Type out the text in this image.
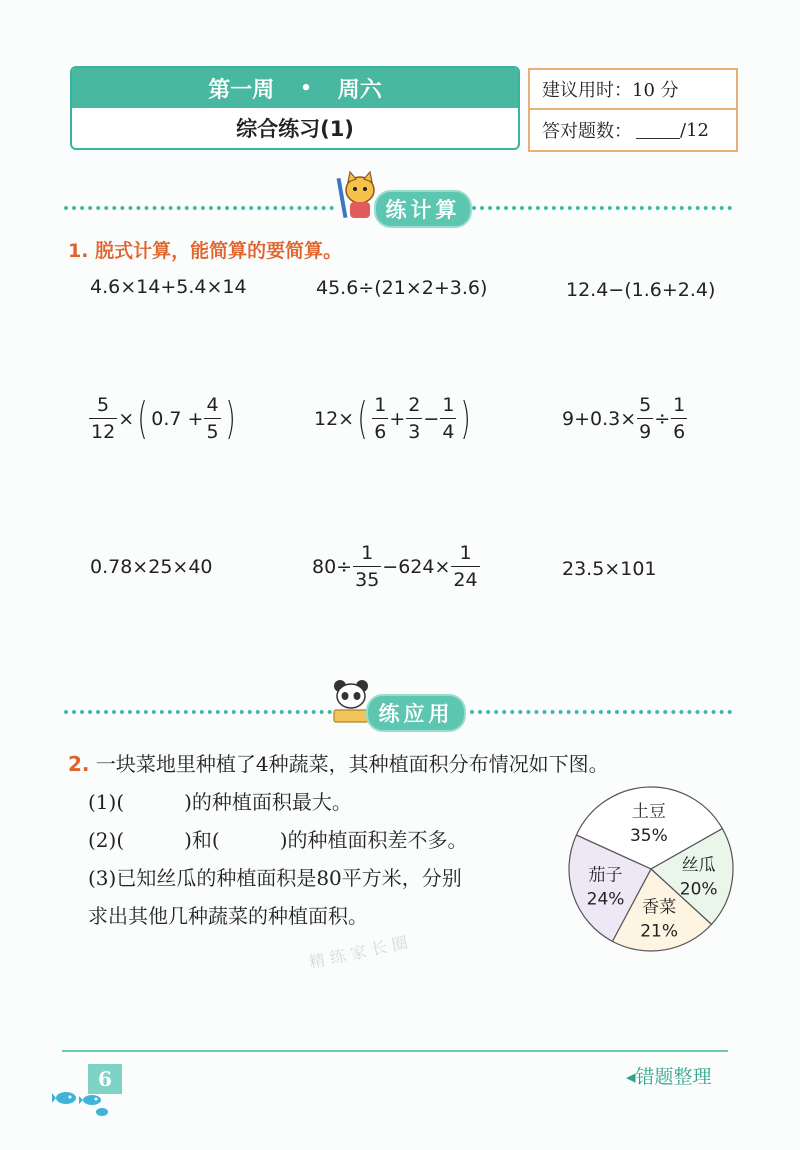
第一周 • 周六
综合练习(1)
建议用时：10 分
答对题数：	/12
练计算
1. 脱式计算，能简算的要简算。
4.6×14+5.4×14	45.6÷(21×2+3.6)	12.4−(1.6+2.4)
$\frac{5}{12}$ × ( $0.7 + \frac{4}{5}$ )	12× ( $\frac{1}{6} + \frac{2}{3} - \frac{1}{4}$ )	$9+0.3\times \frac{5}{9} \div \frac{1}{6}$
0.78×25×40	$80\div \frac{1}{35} -624\times \frac{1}{24}$	23.5×101
练应用
2. 一块菜地里种植了4种蔬菜，其种植面积分布情况如下图。
(1)(　　　)的种植面积最大。
(2)(　　　)和(　　　)的种植面积差不多。
(3)已知丝瓜的种植面积是80平方米，分别
求出其他几种蔬菜的种植面积。
精 练 家 长 圈
土豆
35%
丝瓜
20%
香菜
21%
茄子
24%
6	◂错题整理
